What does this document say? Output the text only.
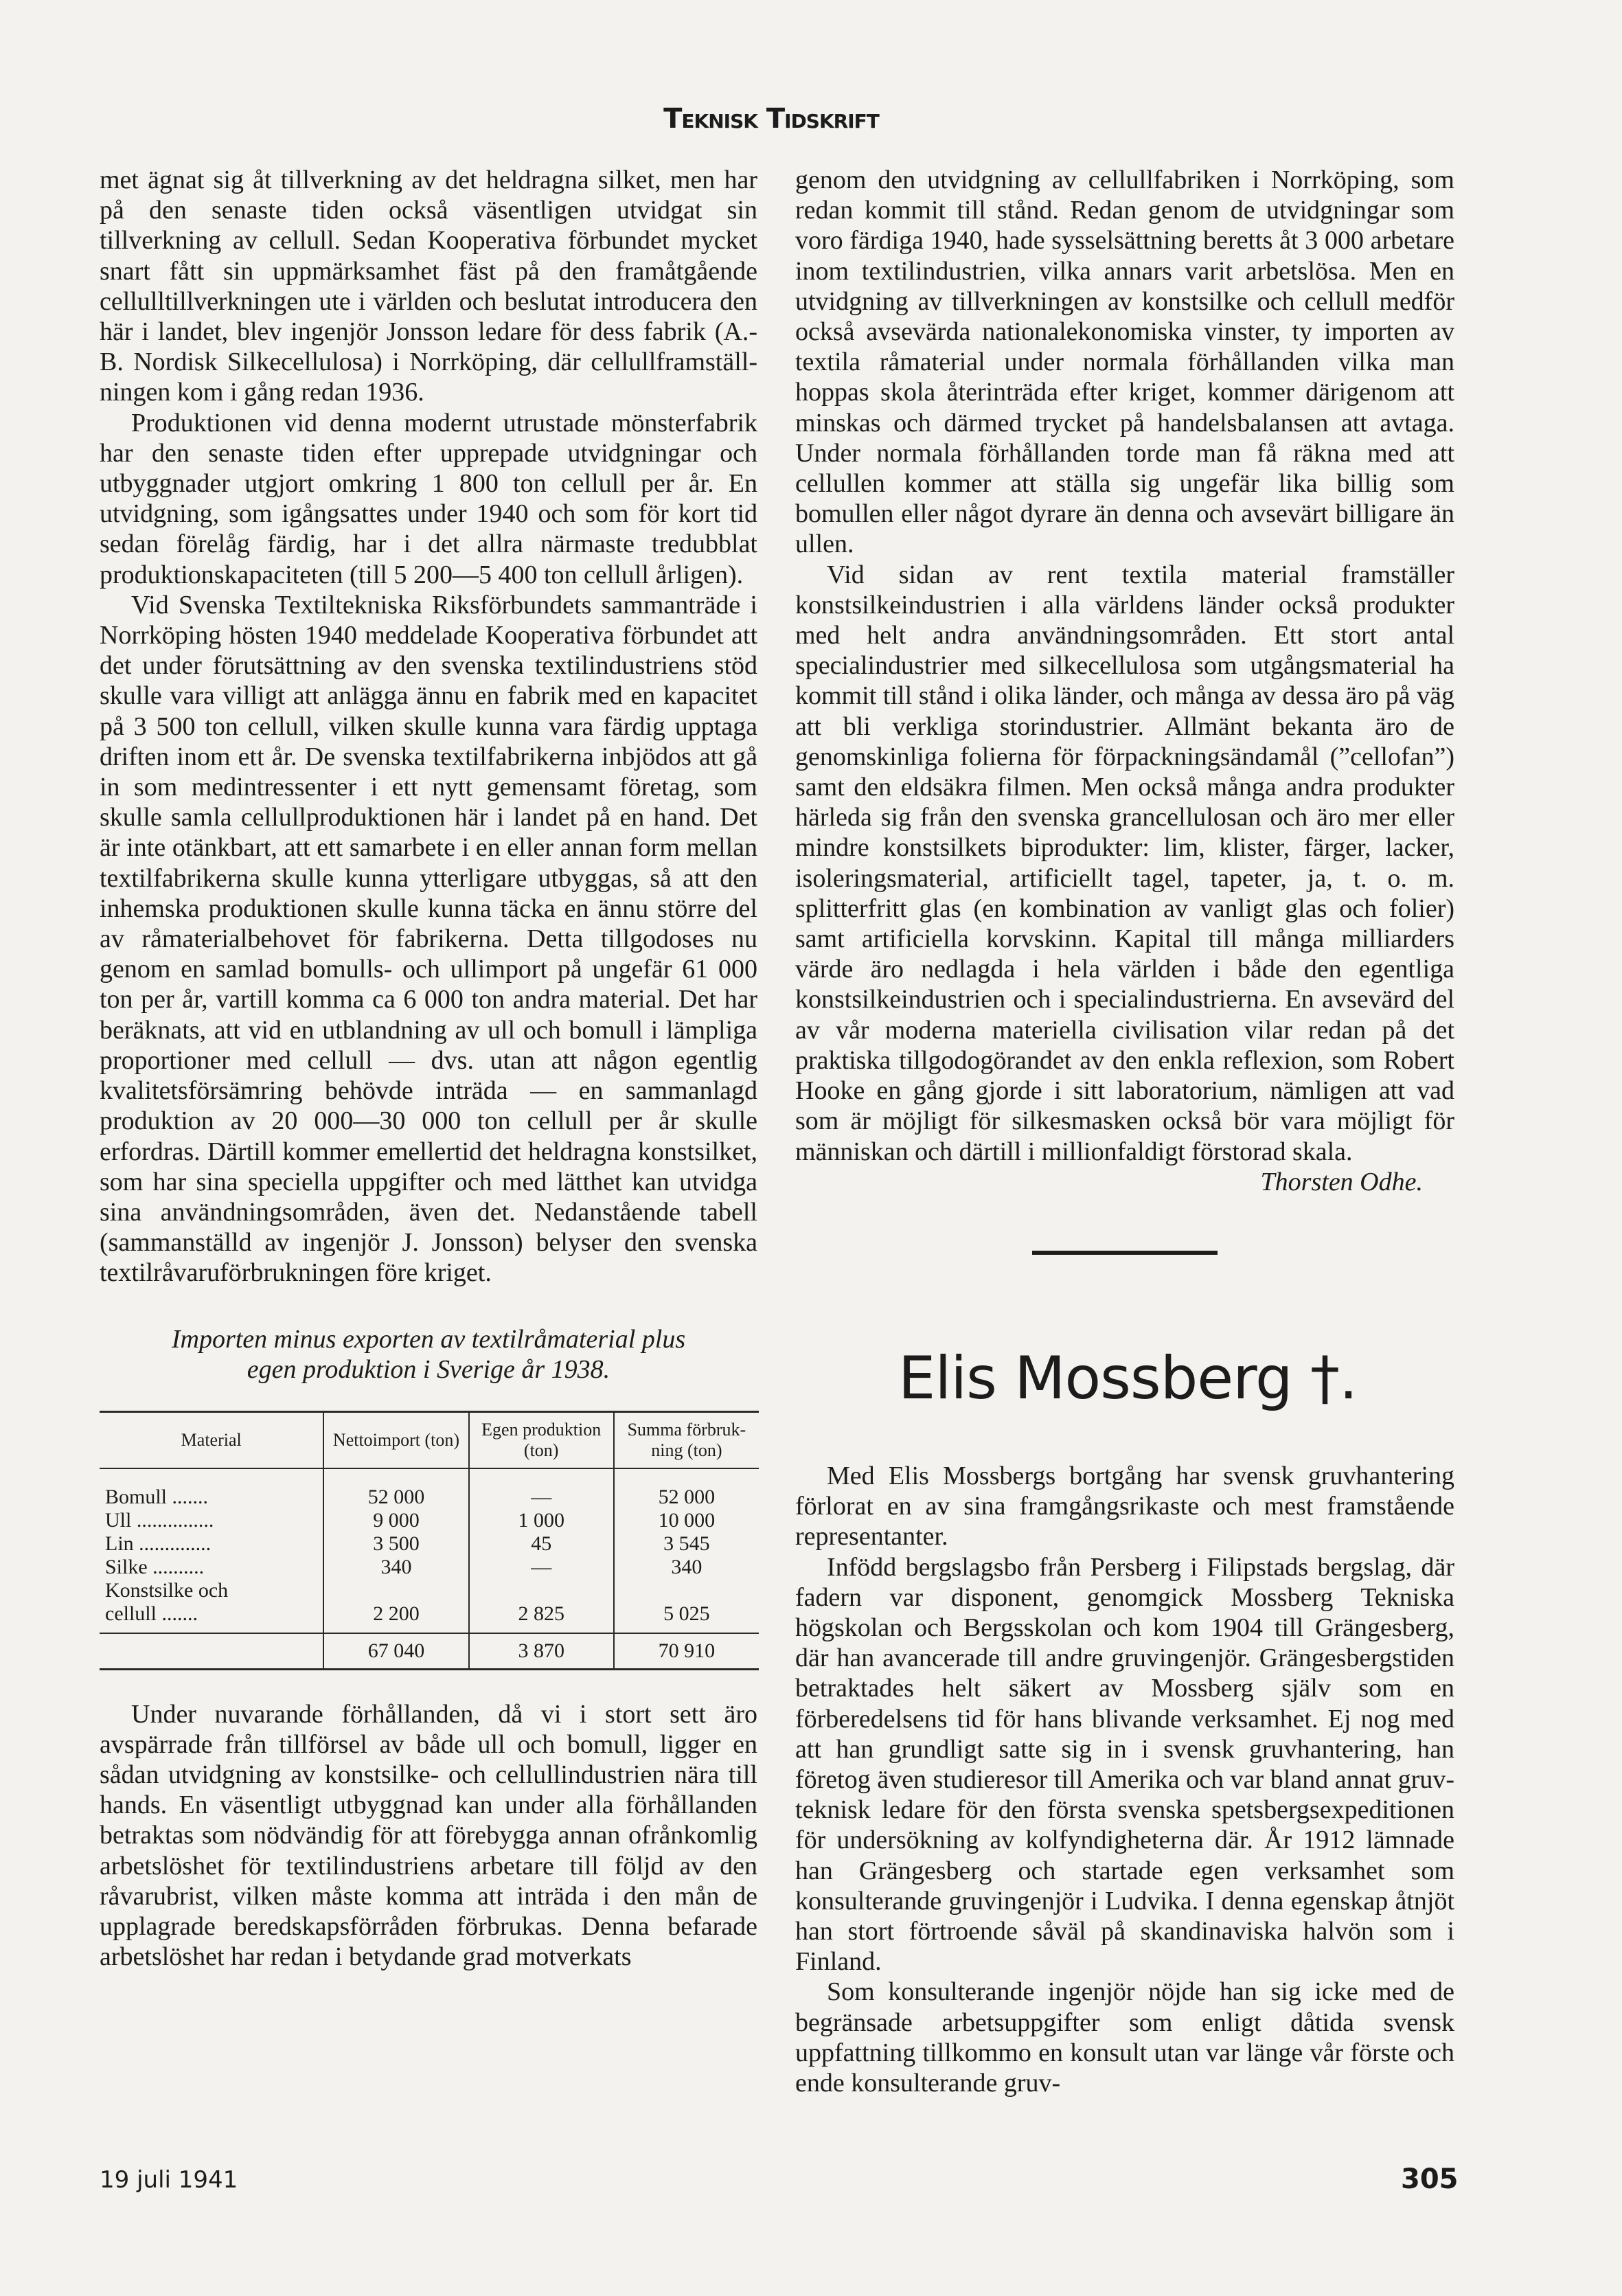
Teknisk Tidskrift

met ägnat sig åt tillverkning av det heldragna silket, men har på den senaste tiden också väsentligen utvidgat sin tillverkning av cellull. Sedan Kooperativa förbundet mycket snart fått sin uppmärksamhet fäst på den framåtgående cellulltillverkningen ute i världen och beslutat introducera den här i landet, blev ingenjör Jonsson ledare för dess fabrik (A.-B. Nordisk Silkecellulosa) i Norrköping, där cellullframställningen kom i gång redan 1936.

Produktionen vid denna modernt utrustade mönsterfabrik har den senaste tiden efter upprepade utvidgningar och utbyggnader utgjort omkring 1 800 ton cellull per år. En utvidgning, som igångsattes under 1940 och som för kort tid sedan förelåg färdig, har i det allra närmaste tredubblat produktionskapaciteten (till 5 200—5 400 ton cellull årligen).

Vid Svenska Textiltekniska Riksförbundets sammanträde i Norrköping hösten 1940 meddelade Kooperativa förbundet att det under förutsättning av den svenska textilindustriens stöd skulle vara villigt att anlägga ännu en fabrik med en kapacitet på 3 500 ton cellull, vilken skulle kunna vara färdig upptaga driften inom ett år. De svenska textilfabrikerna inbjödos att gå in som medintressenter i ett nytt gemensamt företag, som skulle samla cellullproduktionen här i landet på en hand. Det är inte otänkbart, att ett samarbete i en eller annan form mellan textilfabrikerna skulle kunna ytterligare utbyggas, så att den inhemska produktionen skulle kunna täcka en ännu större del av råmaterialbehovet för fabrikerna. Detta tillgodoses nu genom en samlad bomulls- och ullimport på ungefär 61 000 ton per år, vartill komma ca 6 000 ton andra material. Det har beräknats, att vid en utblandning av ull och bomull i lämpliga proportioner med cellull — dvs. utan att någon egentlig kvalitetsförsämring behövde inträda — en sammanlagd produktion av 20 000—30 000 ton cellull per år skulle erfordras. Därtill kommer emellertid det heldragna konstsilket, som har sina speciella uppgifter och med lätthet kan utvidga sina användningsområden, även det. Nedanstående tabell (sammanställd av ingenjör J. Jonsson) belyser den svenska textilråvaruförbrukningen före kriget.

Importen minus exporten av textilråmaterial plus

egen produktion i Sverige år 1938.

Material	Nettoimport (ton)	Egen produktion (ton)	Summa förbrukning (ton)
Bomull .......	52 000	—	52 000
Ull ...............	9 000	1 000	10 000
Lin ..............	3 500	45	3 545
Silke ..........	340	—	340
Konstsilke och			
cellull .......	2 200	2 825	5 025
	67 040	3 870	70 910

Under nuvarande förhållanden, då vi i stort sett äro avspärrade från tillförsel av både ull och bomull, ligger en sådan utvidgning av konstsilke- och cellullindustrien nära till hands. En väsentligt utbyggnad kan under alla förhållanden betraktas som nödvändig för att förebygga annan ofrånkomlig arbetslöshet för textilindustriens arbetare till följd av den råvarubrist, vilken måste komma att inträda i den mån de upplagrade beredskapsförråden förbrukas. Denna befarade arbetslöshet har redan i betydande grad motverkats

genom den utvidgning av cellullfabriken i Norrköping, som redan kommit till stånd. Redan genom de utvidgningar som voro färdiga 1940, hade sysselsättning beretts åt 3 000 arbetare inom textilindustrien, vilka annars varit arbetslösa. Men en utvidgning av tillverkningen av konstsilke och cellull medför också avsevärda nationalekonomiska vinster, ty importen av textila råmaterial under normala förhållanden vilka man hoppas skola återinträda efter kriget, kommer därigenom att minskas och därmed trycket på handelsbalansen att avtaga. Under normala förhållanden torde man få räkna med att cellullen kommer att ställa sig ungefär lika billig som bomullen eller något dyrare än denna och avsevärt billigare än ullen.

Vid sidan av rent textila material framställer konstsilkeindustrien i alla världens länder också produkter med helt andra användningsområden. Ett stort antal specialindustrier med silkecellulosa som utgångsmaterial ha kommit till stånd i olika länder, och många av dessa äro på väg att bli verkliga storindustrier. Allmänt bekanta äro de genomskinliga folierna för förpackningsändamål (”cellofan”) samt den eldsäkra filmen. Men också många andra produkter härleda sig från den svenska grancellulosan och äro mer eller mindre konstsilkets biprodukter: lim, klister, färger, lacker, isoleringsmaterial, artificiellt tagel, tapeter, ja, t. o. m. splitterfritt glas (en kombination av vanligt glas och folier) samt artificiella korvskinn. Kapital till många milliarders värde äro nedlagda i hela världen i både den egentliga konstsilkeindustrien och i specialindustrierna. En avsevärd del av vår moderna materiella civilisation vilar redan på det praktiska tillgodogörandet av den enkla reflexion, som Robert Hooke en gång gjorde i sitt laboratorium, nämligen att vad som är möjligt för silkesmasken också bör vara möjligt för människan och därtill i millionfaldigt förstorad skala.

Thorsten Odhe.
Elis Mossberg †.

Med Elis Mossbergs bortgång har svensk gruvhantering förlorat en av sina framgångsrikaste och mest framstående representanter.

Infödd bergslagsbo från Persberg i Filipstads bergslag, där fadern var disponent, genomgick Mossberg Tekniska högskolan och Bergsskolan och kom 1904 till Grängesberg, där han avancerade till andre gruvingenjör. Grängesbergstiden betraktades helt säkert av Mossberg själv som en förberedelsens tid för hans blivande verksamhet. Ej nog med att han grundligt satte sig in i svensk gruvhantering, han företog även studieresor till Amerika och var bland annat gruvteknisk ledare för den första svenska spetsbergsexpeditionen för undersökning av kolfyndigheterna där. År 1912 lämnade han Grängesberg och startade egen verksamhet som konsulterande gruvingenjör i Ludvika. I denna egenskap åtnjöt han stort förtroende såväl på skandinaviska halvön som i Finland.

Som konsulterande ingenjör nöjde han sig icke med de begränsade arbetsuppgifter som enligt dåtida svensk uppfattning tillkommo en konsult utan var länge vår förste och ende konsulterande gruv-

19 juli 1941	305
